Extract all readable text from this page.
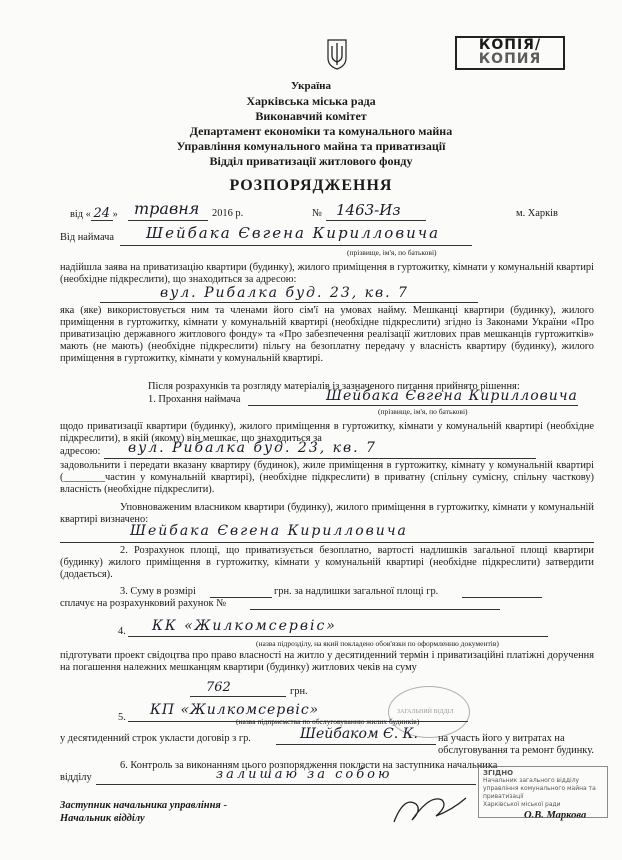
КОПІЯ/
КОПИЯ
Україна
Харківська міська рада
Виконавчий комітет
Департамент економіки та комунального майна
Управління комунального майна та приватизації
Відділ приватизації житлового фонду
РОЗПОРЯДЖЕННЯ
від « 24 » травня 2016 р.	№ 1463-Из	м. Харків
Від наймача Шейбака Євгена Кирилловича
(прізвище, ім'я, по батькові)
надійшла заява на приватизацію квартири (будинку), жилого приміщення в гуртожитку, кімнати у комунальній квартирі (необхідне підкреслити), що знаходиться за адресою:
вул. Рибалка буд. 23, кв. 7
яка (яке) використовується ним та членами його сім'ї на умовах найму. Мешканці квартири (будинку), жилого приміщення в гуртожитку, кімнати у комунальній квартирі (необхідне підкреслити) згідно із Законами України «Про приватизацію державного житлового фонду» та «Про забезпечення реалізації житлових прав мешканців гуртожитків» мають (не мають) (необхідне підкреслити) пільгу на безоплатну передачу у власність квартиру (будинку), жилого приміщення в гуртожитку, кімнати у комунальній квартирі.
Після розрахунків та розгляду матеріалів із зазначеного питання прийнято рішення:
1. Прохання наймача	Шейбака Євгена Кирилловича
(прізвище, ім'я, по батькові)
щодо приватизації квартири (будинку), жилого приміщення в гуртожитку, кімнати у комунальній квартирі (необхідне підкреслити), в якій (якому) він мешкає, що знаходиться за
адресою: вул. Рибалка буд. 23, кв. 7
задовольнити і передати вказану квартиру (будинок), жиле приміщення в гуртожитку, кімнату у комунальній квартирі (________частин у комунальній квартирі), (необхідне підкреслити) в приватну (спільну сумісну, спільну часткову) власність (необхідне підкреслити).
Уповноваженим власником квартири (будинку), жилого приміщення в гуртожитку, кімнати у комунальній квартирі визначено:
Шейбака Євгена Кирилловича
2. Розрахунок площі, що приватизується безоплатно, вартості надлишків загальної площі квартири (будинку) жилого приміщення в гуртожитку, кімнати у комунальній квартирі (необхідне підкреслити) затвердити (додається).
3. Суму в розмірі	грн. за надлишки загальної площі гр.
сплачує на розрахунковий рахунок №
4. КК «Жилкомсервіс»
(назва підрозділу, на який покладено обов'язки по оформленню документів)
підготувати проект свідоцтва про право власності на житло у десятиденний термін і приватизаційні платіжні доручення на погашення належних мешканцям квартири (будинку) житлових чеків на суму
762	грн.
5. КП «Жилкомсервіс»
(назва підприємства по обслуговуванню жилих будинків)
у десятиденний строк укласти договір з гр.	Шейбаком Є. К. на участь його у витратах на обслуговування та ремонт будинку.
6. Контроль за виконанням цього розпорядження покласти на заступника начальника
відділу	залишаю за собою
Заступник начальника управління -
Начальник відділу	О.В. Маркова
ЗАГАЛЬНИЙ ВІДДІЛ
ЗГІДНО
Начальник загального відділу
управління комунального майна та приватизації
Харківської міської ради
